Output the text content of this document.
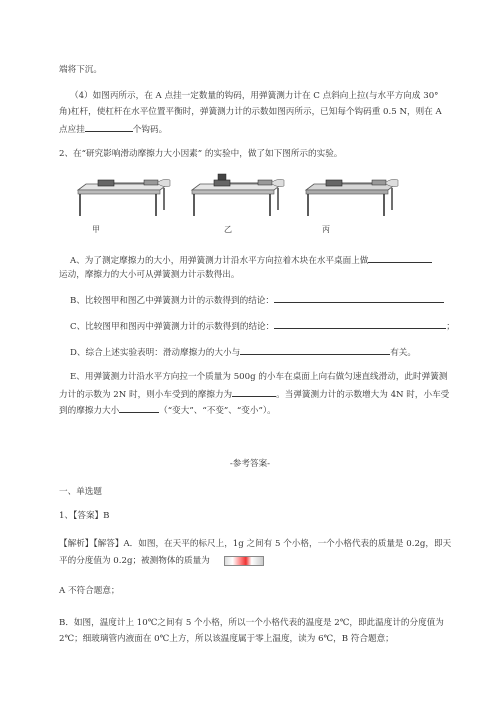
端将下沉。
（4）如图丙所示，在 A 点挂一定数量的钩码，用弹簧测力计在 C 点斜向上拉(与水平方向成 30°
角)杠杆，使杠杆在水平位置平衡时，弹簧测力计的示数如图丙所示，已知每个钩码重 0.5 N，则在 A
点应挂	个钩码。
2、在“研究影响滑动摩擦力大小因素” 的实验中，做了如下图所示的实验。
甲	乙	丙
A、为了测定摩擦力的大小，用弹簧测力计沿水平方向拉着木块在水平桌面上做
运动，摩擦力的大小可从弹簧测力计示数得出。
B、比较图甲和图乙中弹簧测力计的示数得到的结论：
C、比较图甲和图丙中弹簧测力计的示数得到的结论：	；
D、综合上述实验表明：滑动摩擦力的大小与	有关。
E、用弹簧测力计沿水平方向拉一个质量为 500g 的小车在桌面上向右做匀速直线滑动，此时弹簧测
力计的示数为 2N 时，则小车受到的摩擦力为	。当弹簧测力计的示数增大为 4N 时，小车受
到的摩擦力大小	（“变大”、“不变”、“变小”）。
-参考答案-
一、单选题
1、【答案】B
【解析】【解答】A．如图，在天平的标尺上，1g 之间有 5 个小格，一个小格代表的质量是 0.2g，即天
平的分度值为 0.2g；被测物体的质量为
A 不符合题意；
B．如图，温度计上 10℃之间有 5 个小格，所以一个小格代表的温度是 2℃，即此温度计的分度值为
2℃；细玻璃管内液面在 0℃上方，所以该温度属于零上温度，读为 6℃，B 符合题意；
